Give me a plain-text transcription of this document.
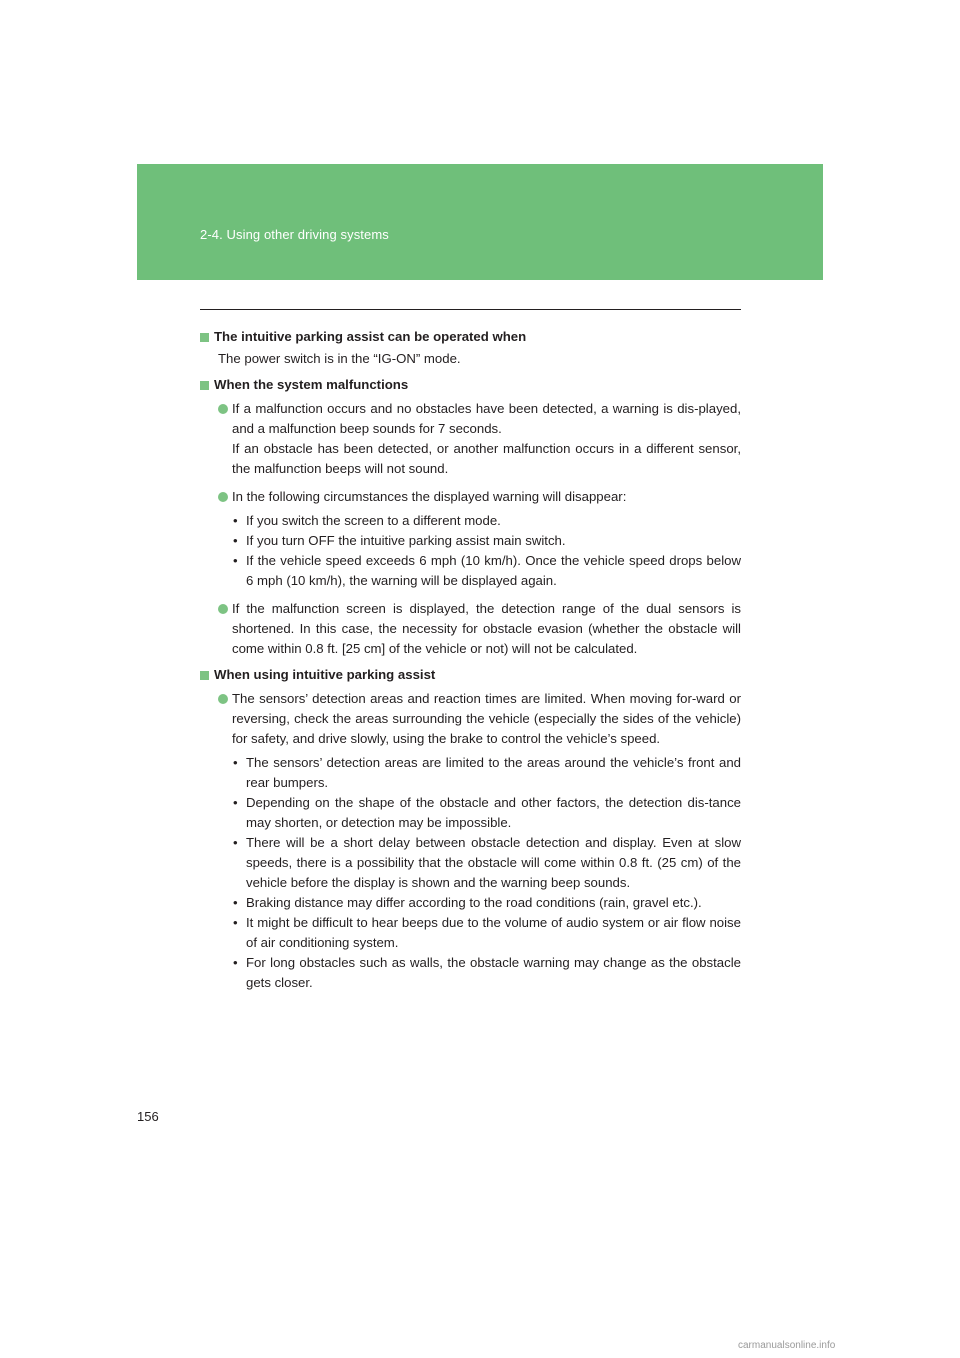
2-4. Using other driving systems

The intuitive parking assist can be operated when

The power switch is in the “IG-ON” mode.

When the system malfunctions

If a malfunction occurs and no obstacles have been detected, a warning is dis-played, and a malfunction beep sounds for 7 seconds.
If an obstacle has been detected, or another malfunction occurs in a different sensor, the malfunction beeps will not sound.
In the following circumstances the displayed warning will disappear:
• If you switch the screen to a different mode.
• If you turn OFF the intuitive parking assist main switch.
• If the vehicle speed exceeds 6 mph (10 km/h). Once the vehicle speed drops below 6 mph (10 km/h), the warning will be displayed again.
If the malfunction screen is displayed, the detection range of the dual sensors is shortened. In this case, the necessity for obstacle evasion (whether the obstacle will come within 0.8 ft. [25 cm] of the vehicle or not) will not be calculated.

When using intuitive parking assist

The sensors’ detection areas and reaction times are limited. When moving for-ward or reversing, check the areas surrounding the vehicle (especially the sides of the vehicle) for safety, and drive slowly, using the brake to control the vehicle’s speed.
• The sensors’ detection areas are limited to the areas around the vehicle’s front and rear bumpers.
• Depending on the shape of the obstacle and other factors, the detection dis-tance may shorten, or detection may be impossible.
• There will be a short delay between obstacle detection and display. Even at slow speeds, there is a possibility that the obstacle will come within 0.8 ft. (25 cm) of the vehicle before the display is shown and the warning beep sounds.
• Braking distance may differ according to the road conditions (rain, gravel etc.).
• It might be difficult to hear beeps due to the volume of audio system or air flow noise of air conditioning system.
• For long obstacles such as walls, the obstacle warning may change as the obstacle gets closer.
156
carmanualsonline.info
